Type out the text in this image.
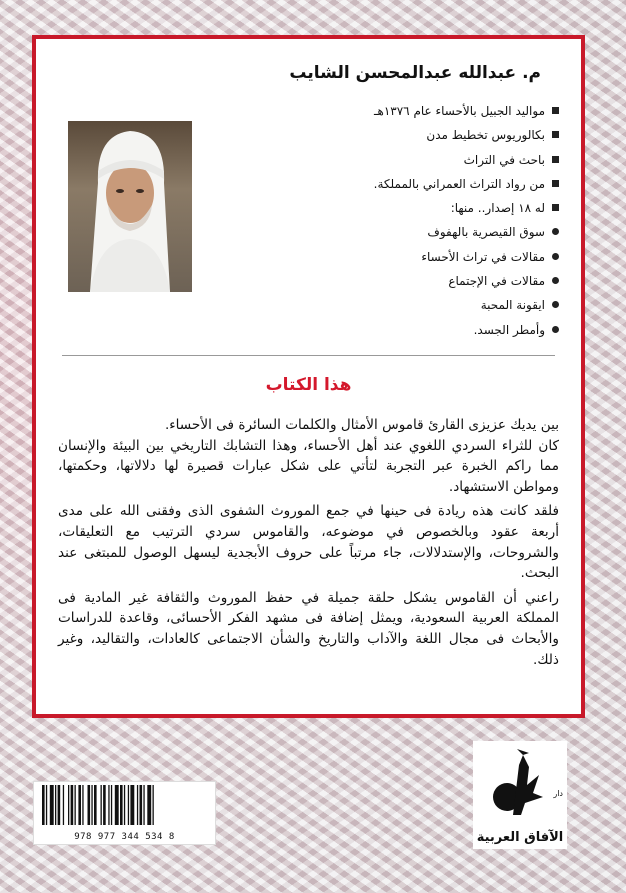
م. عبدالله عبدالمحسن الشايب
مواليد الجبيل بالأحساء عام ١٣٧٦هـ
بكالوريوس تخطيط مدن
باحث في التراث
من رواد التراث العمراني بالمملكة.
له ١٨ إصدار.. منها:
سوق القيصرية بالهفوف
مقالات في تراث الأحساء
مقالات في الإجتماع
ايقونة المحبة
وأمطر الجسد.
هذا الكتاب

بين يديك عزيزى القارئ قاموس الأمثال والكلمات السائرة فى الأحساء.
كان للثراء السردي اللغوي عند أهل الأحساء، وهذا التشابك التاريخي بين البيئة والإنسان مما راكم الخبرة عبر التجربة لتأتي على شكل عبارات قصيرة لها دلالاتها، وحكمتها، ومواطن الاستشهاد.

فلقد كانت هذه ريادة فى حينها في جمع الموروث الشفوى الذى وفقنى الله على مدى أربعة عقود وبالخصوص في موضوعه، والقاموس سردي الترتيب مع التعليقات، والشروحات، والإستدلالات، جاء مرتباً على حروف الأبجدية ليسهل الوصول للمبتغى عند البحث.

راعني أن القاموس يشكل حلقة جميلة في حفظ الموروث والثقافة غير المادية فى المملكة العربية السعودية، ويمثل إضافة فى مشهد الفكر الأحسائى، وقاعدة للدراسات والأبحاث فى مجال اللغة والآداب والتاريخ والشأن الاجتماعى كالعادات، والتقاليد، وغير ذلك.

978 977 344 534 8
دار
الآفاق العربية
